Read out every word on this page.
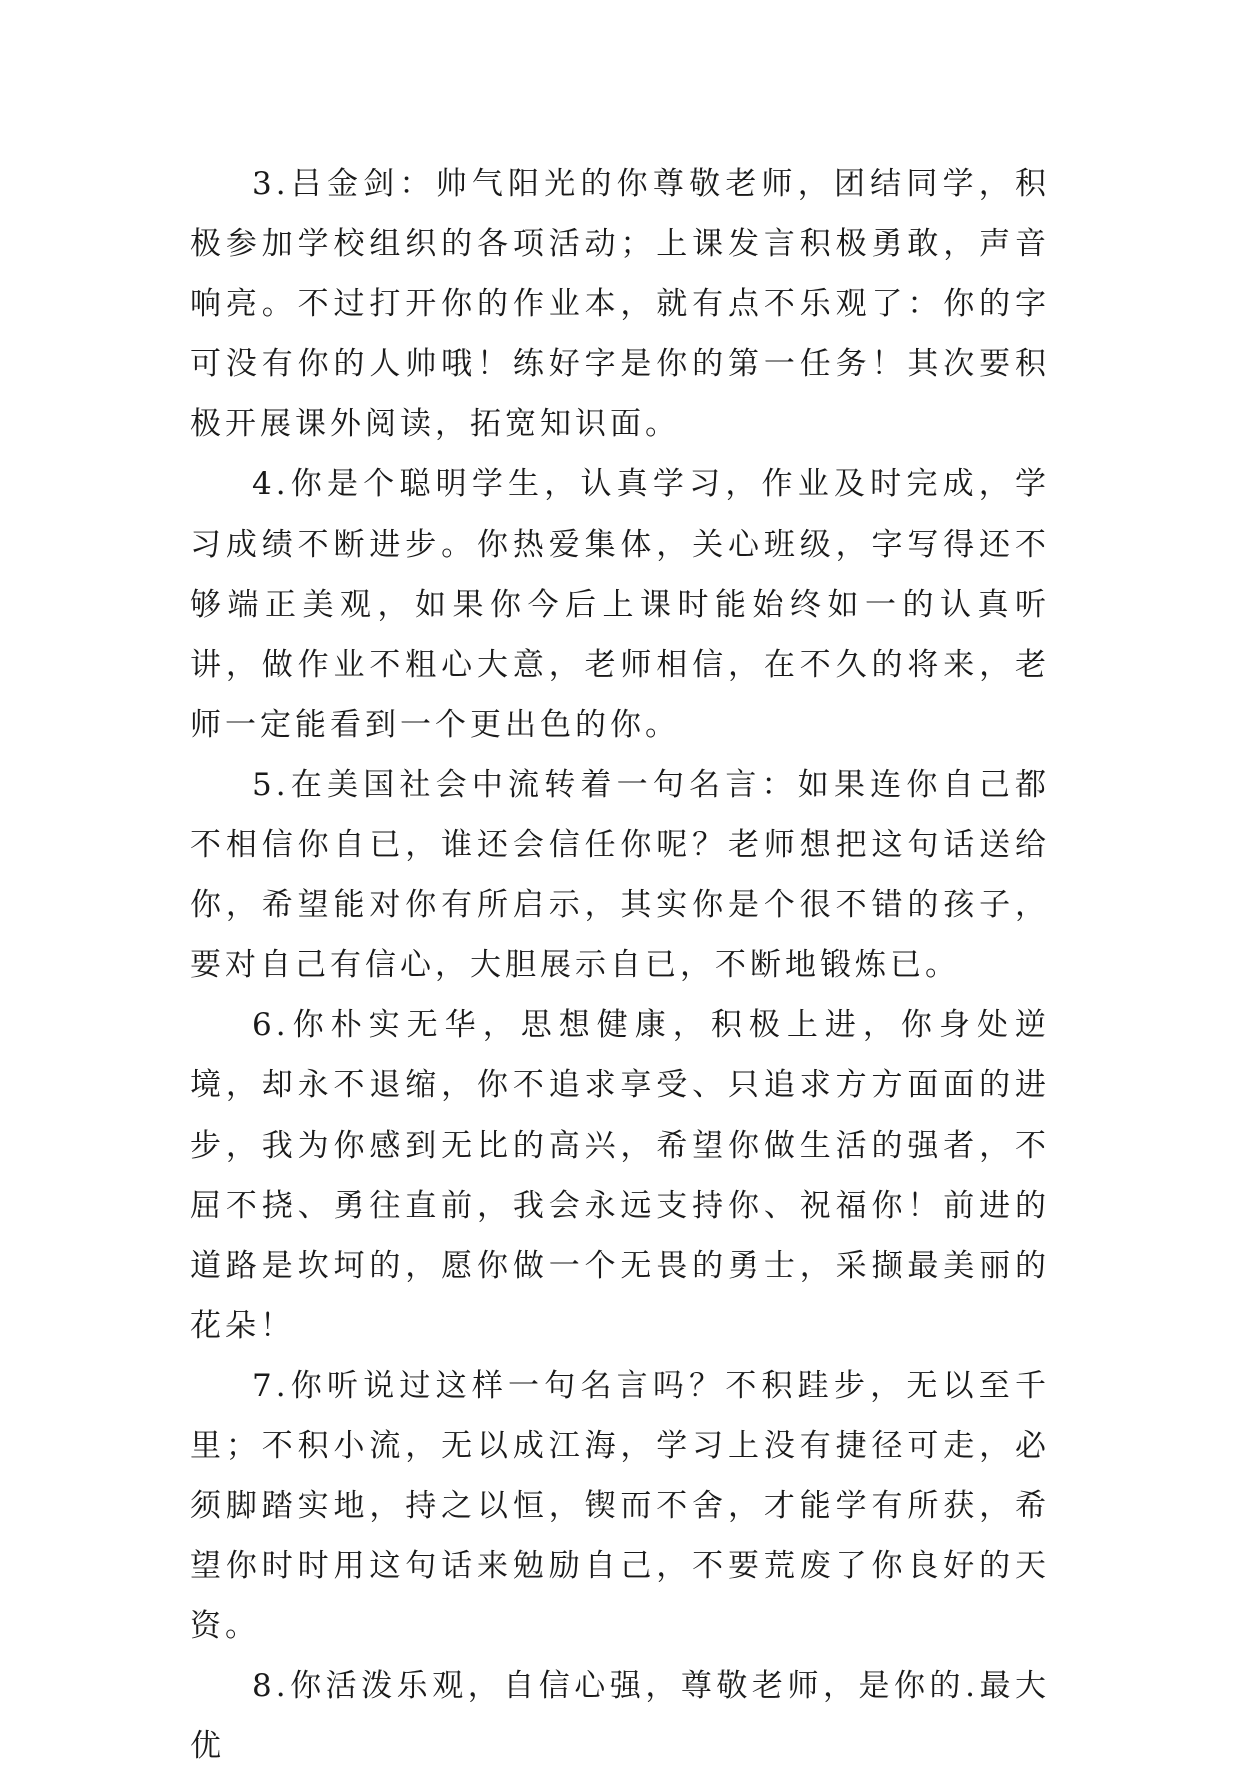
3.吕金剑：帅气阳光的你尊敬老师，团结同学，积极参加学校组织的各项活动；上课发言积极勇敢，声音响亮。不过打开你的作业本，就有点不乐观了：你的字可没有你的人帅哦！练好字是你的第一任务！其次要积极开展课外阅读，拓宽知识面。

4.你是个聪明学生，认真学习，作业及时完成，学习成绩不断进步。你热爱集体，关心班级，字写得还不够端正美观，如果你今后上课时能始终如一的认真听讲，做作业不粗心大意，老师相信，在不久的将来，老师一定能看到一个更出色的你。

5.在美国社会中流转着一句名言：如果连你自己都不相信你自已，谁还会信任你呢？老师想把这句话送给你，希望能对你有所启示，其实你是个很不错的孩子，要对自己有信心，大胆展示自已，不断地锻炼已。

6.你朴实无华，思想健康，积极上进，你身处逆境，却永不退缩，你不追求享受、只追求方方面面的进步，我为你感到无比的高兴，希望你做生活的强者，不屈不挠、勇往直前，我会永远支持你、祝福你！前进的道路是坎坷的，愿你做一个无畏的勇士，采撷最美丽的花朵！

7.你听说过这样一句名言吗？不积跬步，无以至千里；不积小流，无以成江海，学习上没有捷径可走，必须脚踏实地，持之以恒，锲而不舍，才能学有所获，希望你时时用这句话来勉励自己，不要荒废了你良好的天资。

8.你活泼乐观，自信心强，尊敬老师，是你的.最大优
